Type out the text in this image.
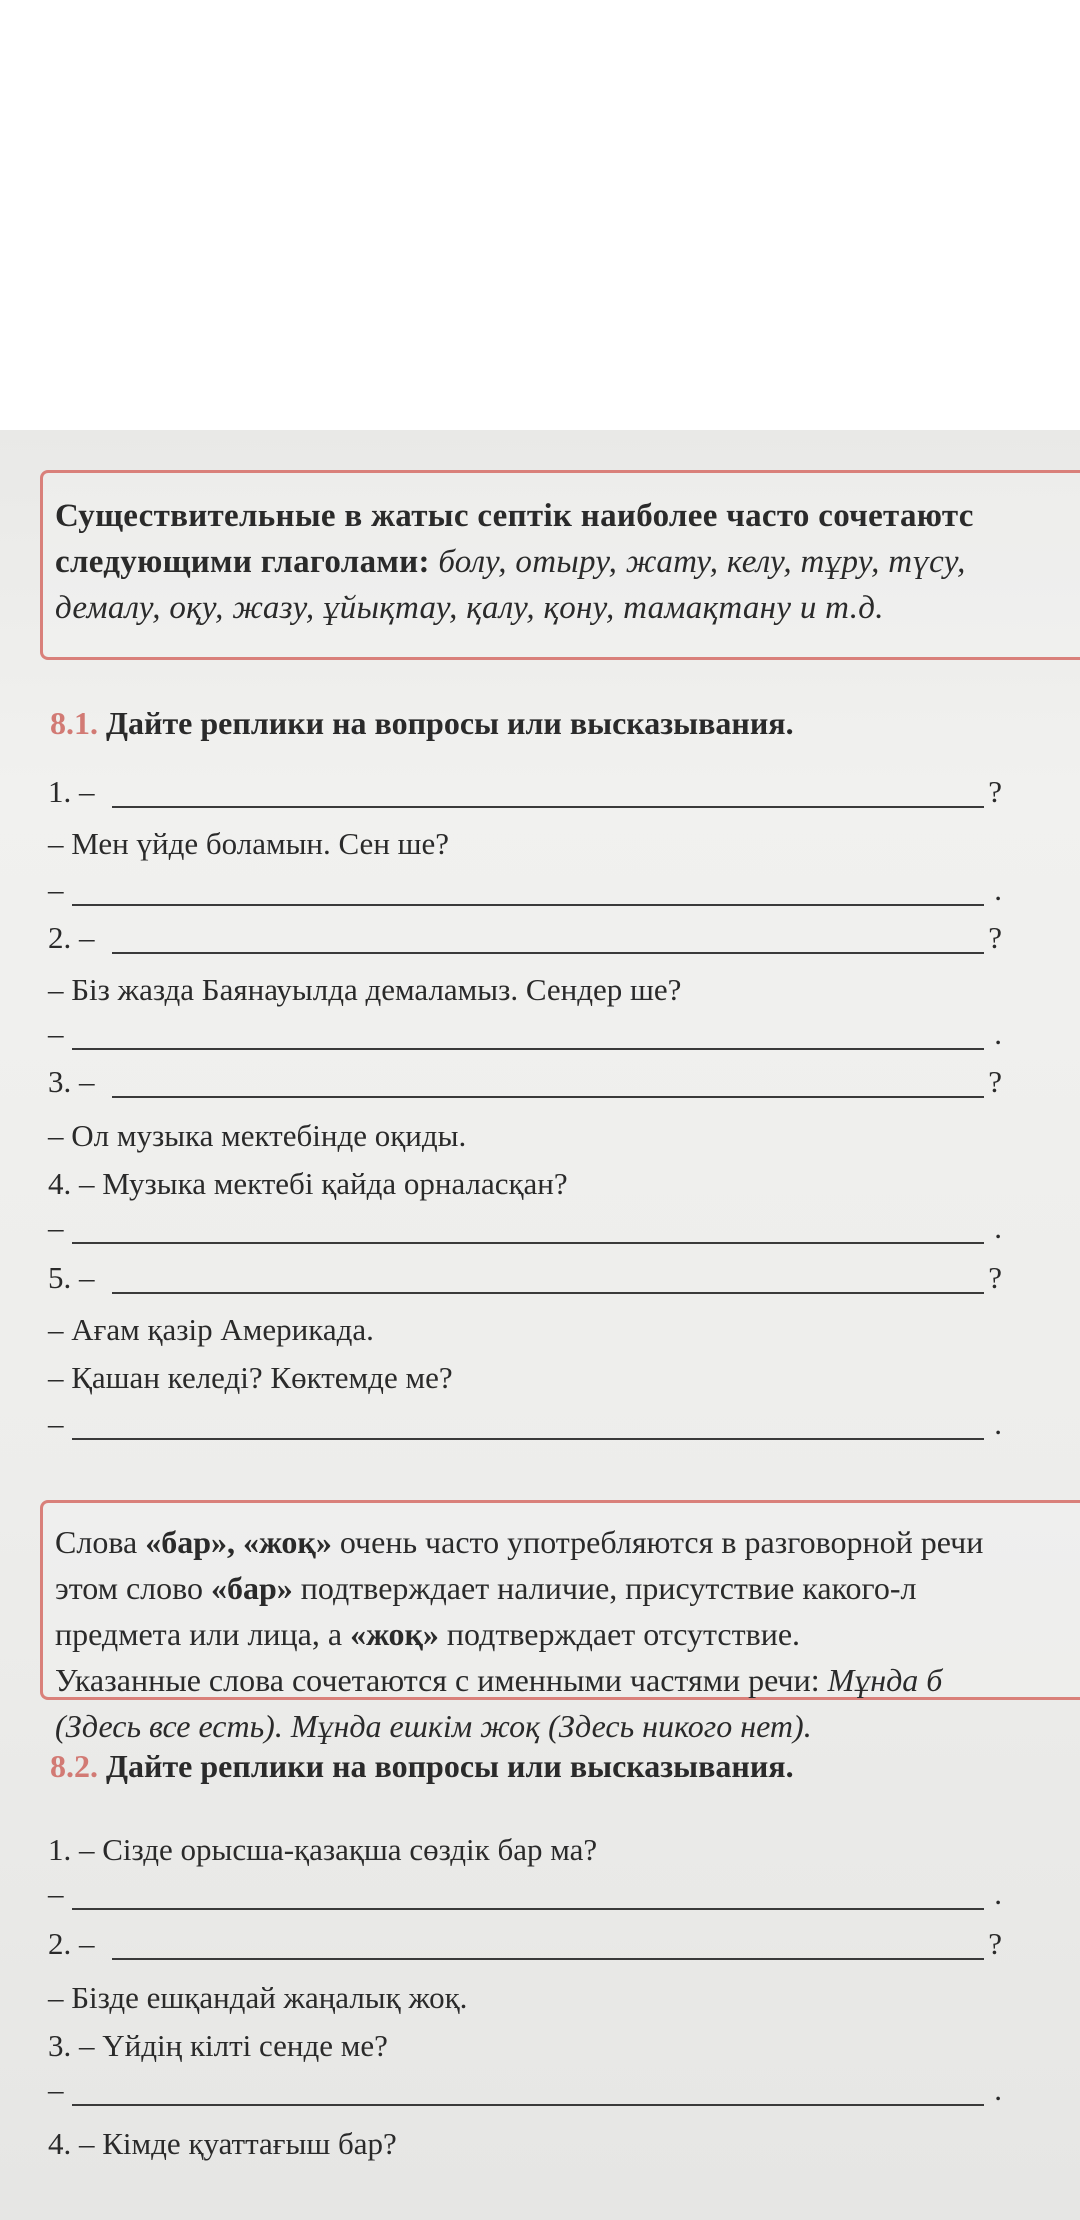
Существительные в жатыс септік наиболее часто сочетаютс
следующими глаголами: болу, отыру, жату, келу, тұру, түсу,
демалу, оқу, жазу, ұйықтау, қалу, қону, тамақтану и т.д.
8.1. Дайте реплики на вопросы или высказывания.
1. –	?
– Мен үйде боламын. Сен ше?
–	.
2. –	?
– Біз жазда Баянауылда демаламыз. Сендер ше?
–	.
3. –	?
– Ол музыка мектебінде оқиды.
4. – Музыка мектебі қайда орналасқан?
–	.
5. –	?
– Ағам қазір Америкада.
– Қашан келеді? Көктемде ме?
–	.
Слова «бар», «жоқ» очень часто употребляются в разговорной речи
этом слово «бар» подтверждает наличие, присутствие какого-л
предмета или лица, а «жоқ» подтверждает отсутствие.
Указанные слова сочетаются с именными частями речи: Мұнда б
(Здесь все есть). Мұнда ешкім жоқ (Здесь никого нет).
8.2. Дайте реплики на вопросы или высказывания.
1. – Сізде орысша-қазақша сөздік бар ма?
–	.
2. –	?
– Бізде ешқандай жаңалық жоқ.
3. – Үйдің кілті сенде ме?
–	.
4. – Кімде қуаттағыш бар?
